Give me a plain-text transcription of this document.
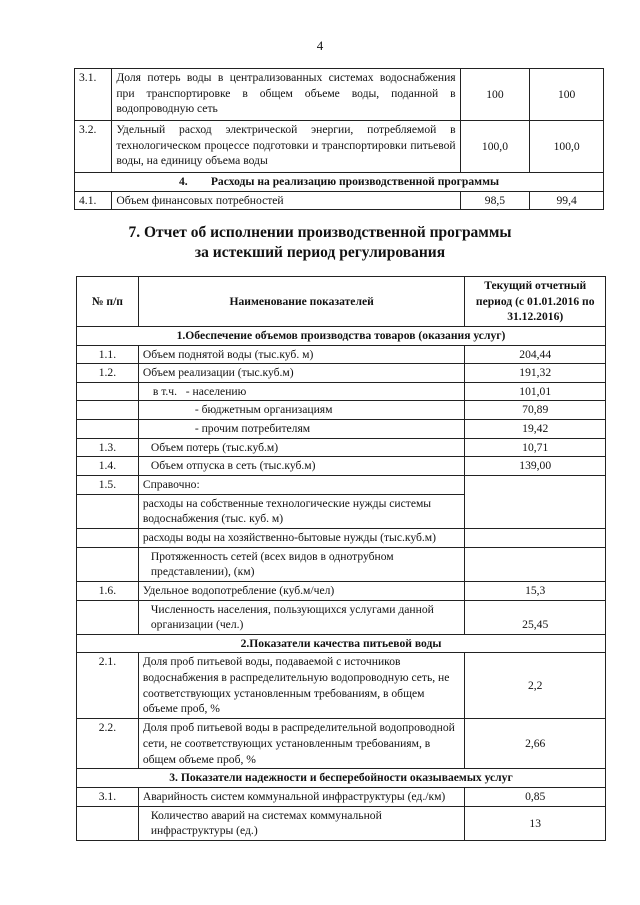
4
3.1.	Доля потерь воды в централизованных системах водоснабжения при транспортировке в общем объеме воды, поданной в водопроводную сеть	100	100
3.2.	Удельный расход электрической энергии, потребляемой в технологическом процессе подготовки и транспортировки питьевой воды, на единицу объема воды	100,0	100,0
4.        Расходы на реализацию производственной программы			
4.1.	Объем финансовых потребностей	98,5	99,4
7. Отчет об исполнении производственной программы
за истекший период регулирования
№ п/п	Наименование показателей	Текущий отчетный период (с 01.01.2016 по 31.12.2016)
1.Обеспечение объемов производства товаров (оказания услуг)		
1.1.	Объем поднятой воды (тыс.куб. м)	204,44
1.2.	Объем реализации (тыс.куб.м)	191,32
	в т.ч.   - населению	101,01
	- бюджетным организациям	70,89
	- прочим потребителям	19,42
1.3.	Объем потерь (тыс.куб.м)	10,71
1.4.	Объем отпуска в сеть (тыс.куб.м)	139,00
1.5.	Справочно:	
	расходы на собственные технологические нужды системы водоснабжения (тыс. куб. м)	
	расходы воды на хозяйственно-бытовые нужды (тыс.куб.м)	
	Протяженность сетей (всех видов в однотрубном представлении), (км)	
1.6.	Удельное водопотребление (куб.м/чел)	15,3
	Численность населения, пользующихся услугами данной организации (чел.)	25,45
2.Показатели качества питьевой воды		
2.1.	Доля проб питьевой воды, подаваемой с источников водоснабжения в распределительную водопроводную сеть, не соответствующих установленным требованиям, в общем объеме проб, %	2,2
2.2.	Доля проб питьевой воды в распределительной водопроводной сети, не соответствующих установленным требованиям, в общем объеме проб, %	2,66
3. Показатели надежности и бесперебойности оказываемых услуг		
3.1.	Аварийность систем коммунальной инфраструктуры (ед./км)	0,85
	Количество аварий на системах коммунальной инфраструктуры (ед.)	13
